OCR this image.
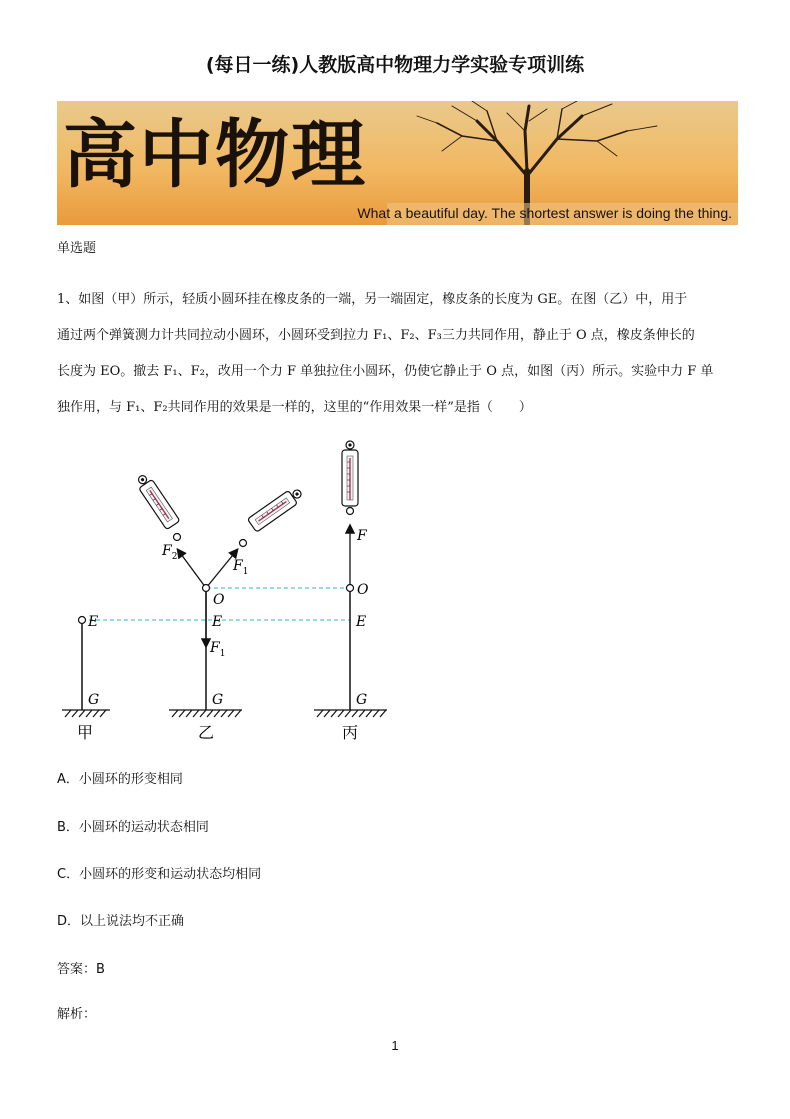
(每日一练)人教版高中物理力学实验专项训练
高中物理
What a beautiful day. The shortest answer is doing the thing.
单选题
1、如图（甲）所示，轻质小圆环挂在橡皮条的一端，另一端固定，橡皮条的长度为 GE。在图（乙）中，用于
通过两个弹簧测力计共同拉动小圆环，小圆环受到拉力 F₁、F₂、F₃三力共同作用，静止于 O 点，橡皮条伸长的
长度为 EO。撤去 F₁、F₂，改用一个力 F 单独拉住小圆环，仍使它静止于 O 点，如图（丙）所示。实验中力 F 单
独作用，与 F₁、F₂共同作用的效果是一样的，这里的“作用效果一样”是指（　　）
E
G
甲
$F_2$
$F_1$
O
E
$F_1$
G
乙
F
O
E
G
丙
A．小圆环的形变相同
B．小圆环的运动状态相同
C．小圆环的形变和运动状态均相同
D．以上说法均不正确
答案：B
解析：
1
